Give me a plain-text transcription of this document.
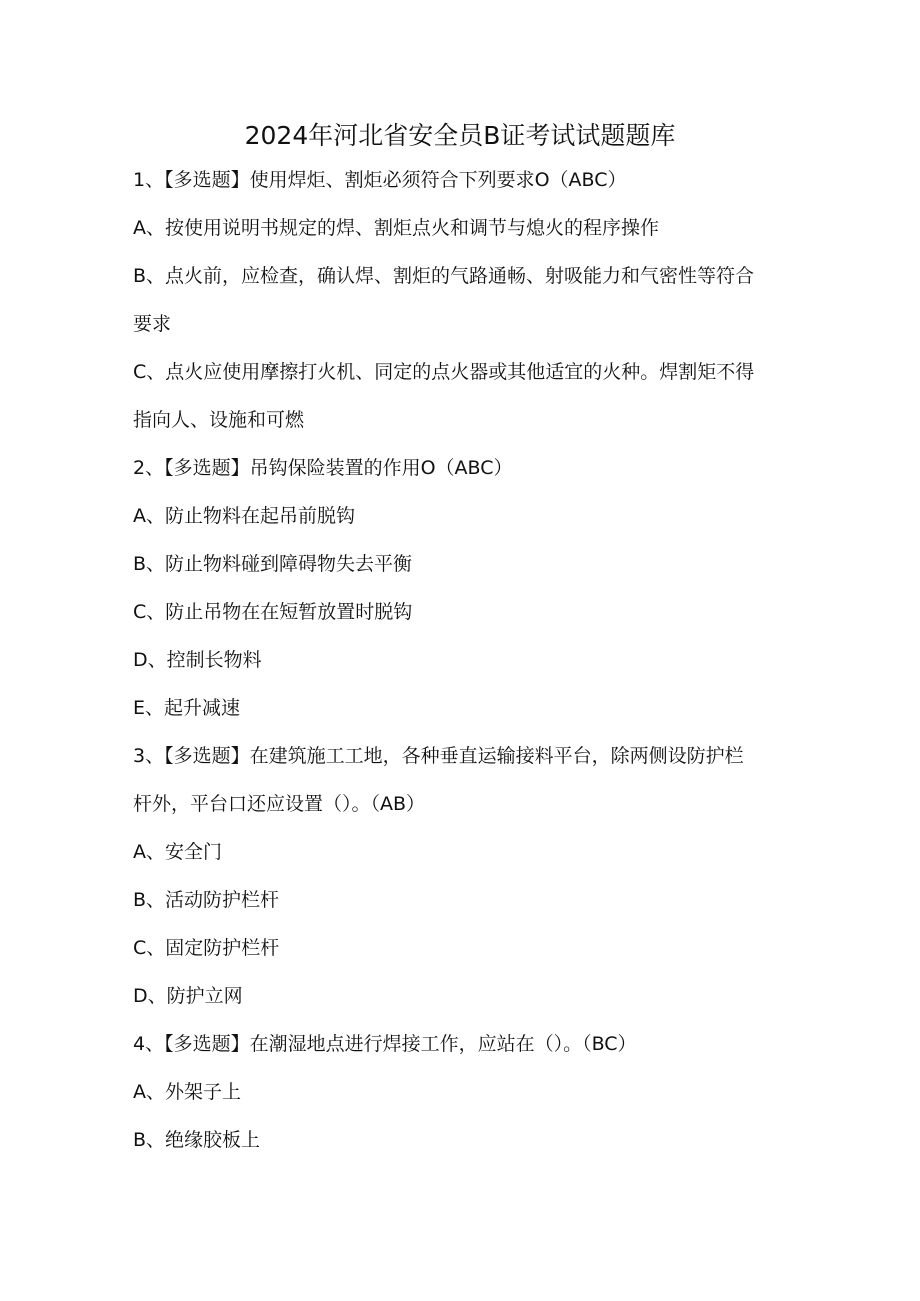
2024年河北省安全员B证考试试题题库
1、【多选题】使用焊炬、割炬必须符合下列要求O（ABC）
A、按使用说明书规定的焊、割炬点火和调节与熄火的程序操作
B、点火前，应检查，确认焊、割炬的气路通畅、射吸能力和气密性等符合
要求
C、点火应使用摩擦打火机、同定的点火器或其他适宜的火种。焊割矩不得
指向人、设施和可燃
2、【多选题】吊钩保险装置的作用O（ABC）
A、防止物料在起吊前脱钩
B、防止物料碰到障碍物失去平衡
C、防止吊物在在短暂放置时脱钩
D、控制长物料
E、起升减速
3、【多选题】在建筑施工工地，各种垂直运输接料平台，除两侧设防护栏
杆外，平台口还应设置（）。（AB）
A、安全门
B、活动防护栏杆
C、固定防护栏杆
D、防护立网
4、【多选题】在潮湿地点进行焊接工作，应站在（）。（BC）
A、外架子上
B、绝缘胶板上
